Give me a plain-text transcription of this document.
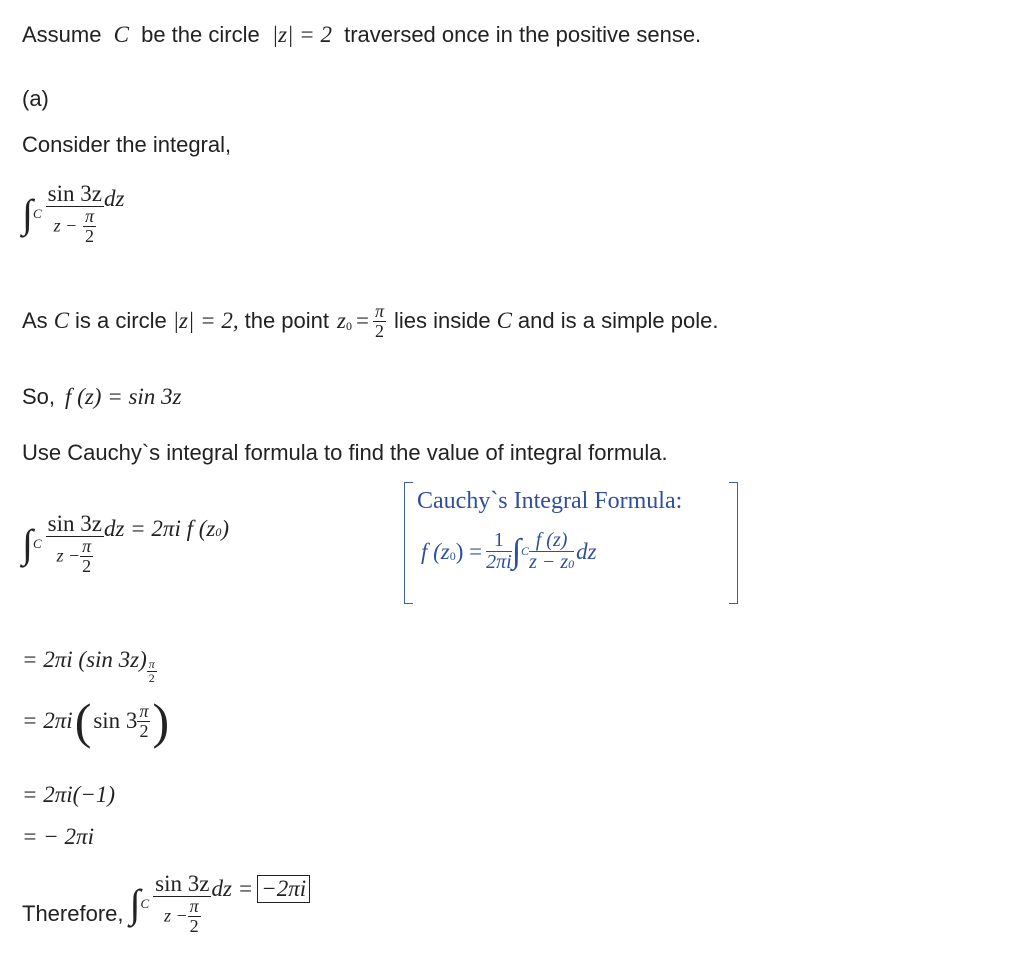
Assume C be the circle |z| = 2 traversed once in the positive sense.
(a)
Consider the integral,
∫ C $\frac{\sin 3z}{z - \frac{\pi}{2}}$ dz
As C is a circle |z| = 2, the point z $0 = \frac{\pi}{2}$ lies inside C and is a simple pole.
So, f (z) = sin 3z
Use Cauchy`s integral formula to find the value of integral formula.
Cauchy`s Integral Formula:
f (z 0 ) = $\frac{1}{2\pi i}$ ∫ C $\frac{f (z)}{z - z0}$ dz
∫ C $\frac{\sin 3z}{z - \frac{\pi}{2}}$ dz = 2πi f (z0)
= 2πi (sin $3z) \frac{\pi}{2}$
= 2πi ( $\sin 3 \frac{\pi}{2}$ )
= 2πi(−1)
= − 2πi
Therefore, ∫ C $\frac{\sin 3z}{z - \frac{\pi}{2}}$ dz = −2πi
